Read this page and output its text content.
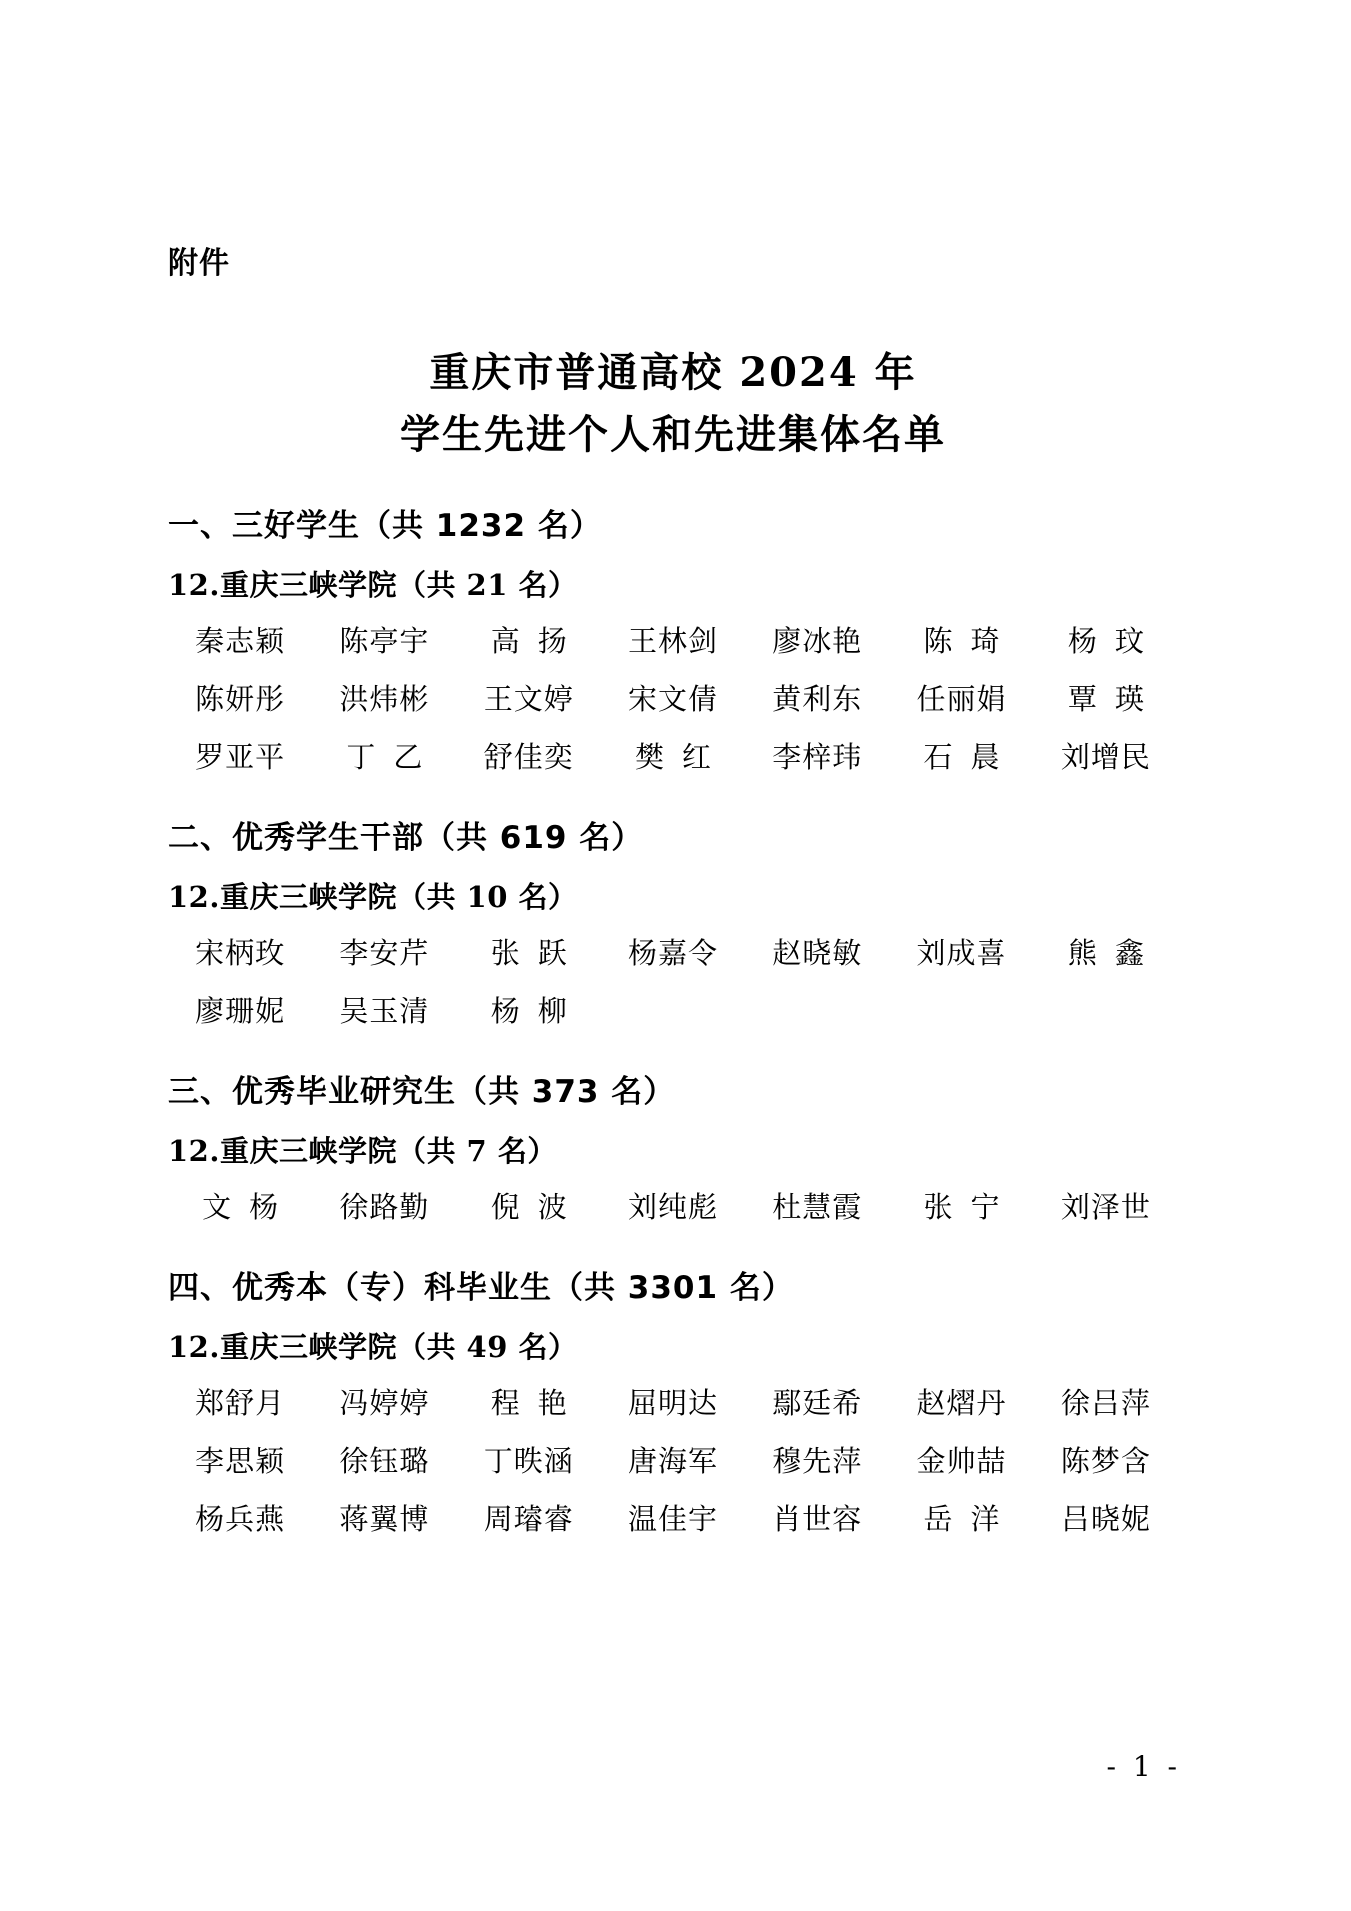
附件
重庆市普通高校 2024 年
学生先进个人和先进集体名单
一、三好学生（共 1232 名）
12.重庆三峡学院（共 21 名）
秦志颖	陈亭宇	高扬	王林剑	廖冰艳	陈琦	杨玟
陈妍彤	洪炜彬	王文婷	宋文倩	黄利东	任丽娟	覃瑛
罗亚平	丁乙	舒佳奕	樊红	李梓玮	石晨	刘增民
二、优秀学生干部（共 619 名）
12.重庆三峡学院（共 10 名）
宋柄玫	李安芹	张跃	杨嘉令	赵晓敏	刘成喜	熊鑫
廖珊妮	吴玉清	杨柳
三、优秀毕业研究生（共 373 名）
12.重庆三峡学院（共 7 名）
文杨	徐路勤	倪波	刘纯彪	杜慧霞	张宁	刘泽世
四、优秀本（专）科毕业生（共 3301 名）
12.重庆三峡学院（共 49 名）
郑舒月	冯婷婷	程艳	屈明达	鄢廷希	赵熠丹	徐吕萍
李思颖	徐钰璐	丁昳涵	唐海军	穆先萍	金帅喆	陈梦含
杨兵燕	蒋翼博	周璿睿	温佳宇	肖世容	岳洋	吕晓妮
- 1 -
